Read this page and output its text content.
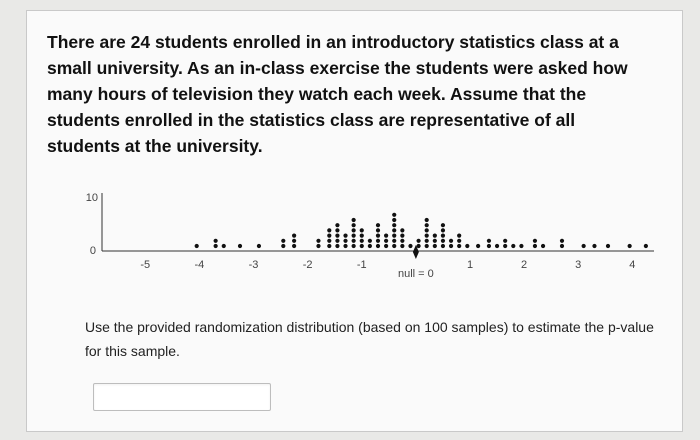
There are 24 students enrolled in an introductory statistics class at a small university. As an in-class exercise the students were asked how many hours of television they watch each week. Assume that the students enrolled in the statistics class are representative of all students at the university.
10
0
-5	-4	-3	-2	-1	1	2	3	4
null = 0
Use the provided randomization distribution (based on 100 samples) to estimate the p-value for this sample.
